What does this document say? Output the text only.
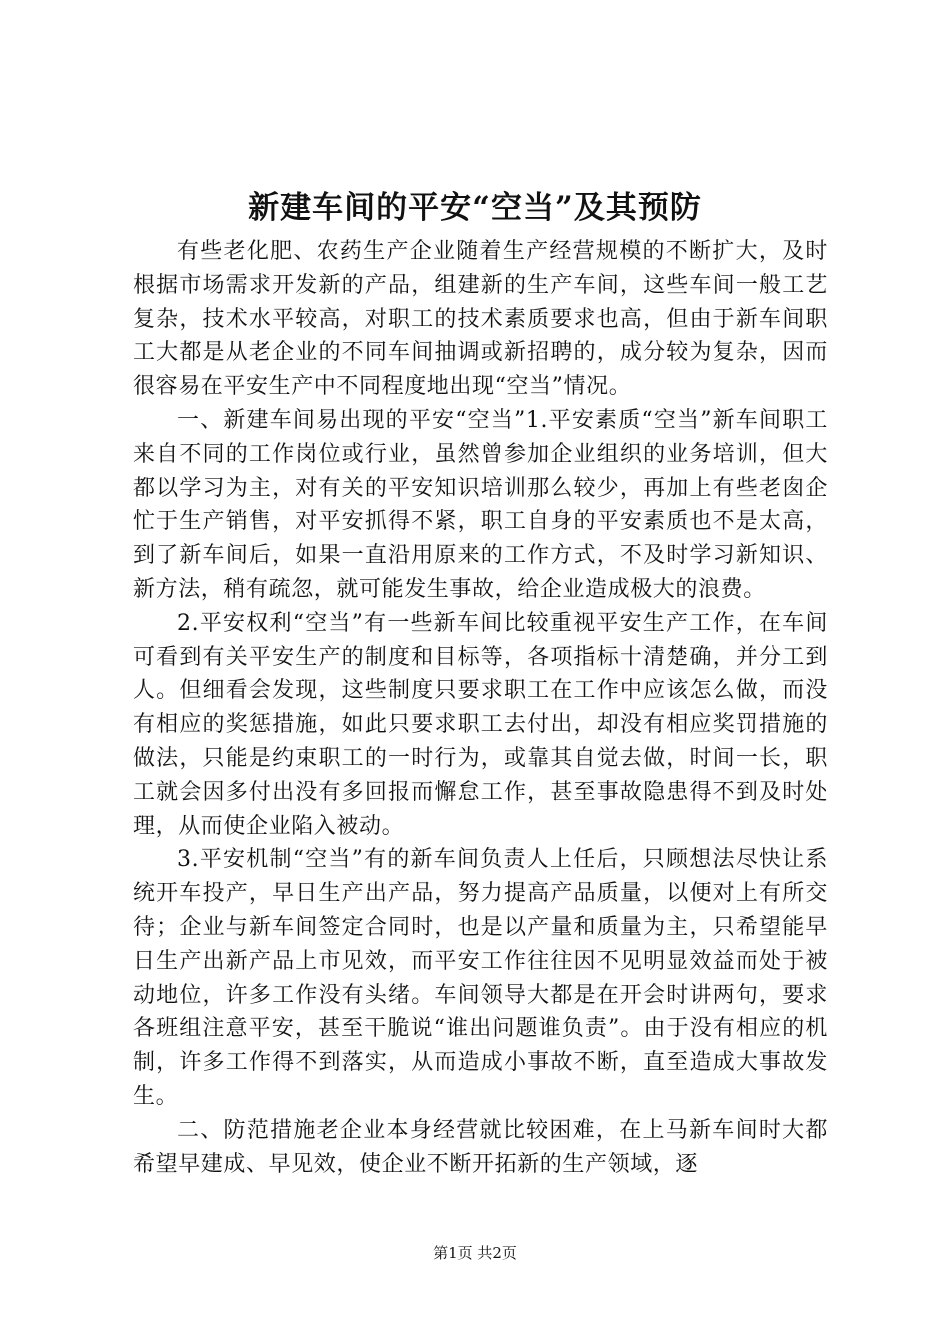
新建车间的平安“空当”及其预防

有些老化肥、农药生产企业随着生产经营规模的不断扩大，及时根据市场需求开发新的产品，组建新的生产车间，这些车间一般工艺复杂，技术水平较高，对职工的技术素质要求也高，但由于新车间职工大都是从老企业的不同车间抽调或新招聘的，成分较为复杂，因而很容易在平安生产中不同程度地出现“空当”情况。

一、新建车间易出现的平安“空当”1.平安素质“空当”新车间职工来自不同的工作岗位或行业，虽然曾参加企业组织的业务培训，但大都以学习为主，对有关的平安知识培训那么较少，再加上有些老囱企忙于生产销售，对平安抓得不紧，职工自身的平安素质也不是太高，到了新车间后，如果一直沿用原来的工作方式，不及时学习新知识、新方法，稍有疏忽，就可能发生事故，给企业造成极大的浪费。

2.平安权利“空当”有一些新车间比较重视平安生产工作，在车间可看到有关平安生产的制度和目标等，各项指标十清楚确，并分工到人。但细看会发现，这些制度只要求职工在工作中应该怎么做，而没有相应的奖惩措施，如此只要求职工去付出，却没有相应奖罚措施的做法，只能是约束职工的一时行为，或靠其自觉去做，时间一长，职工就会因多付出没有多回报而懈怠工作，甚至事故隐患得不到及时处理，从而使企业陷入被动。

3.平安机制“空当”有的新车间负责人上任后，只顾想法尽快让系统开车投产，早日生产出产品，努力提高产品质量，以便对上有所交待；企业与新车间签定合同时，也是以产量和质量为主，只希望能早日生产出新产品上市见效，而平安工作往往因不见明显效益而处于被动地位，许多工作没有头绪。车间领导大都是在开会时讲两句，要求各班组注意平安，甚至干脆说“谁出问题谁负责”。由于没有相应的机制，许多工作得不到落实，从而造成小事故不断，直至造成大事故发生。

二、防范措施老企业本身经营就比较困难，在上马新车间时大都希望早建成、早见效，使企业不断开拓新的生产领域，逐

第1页 共2页
